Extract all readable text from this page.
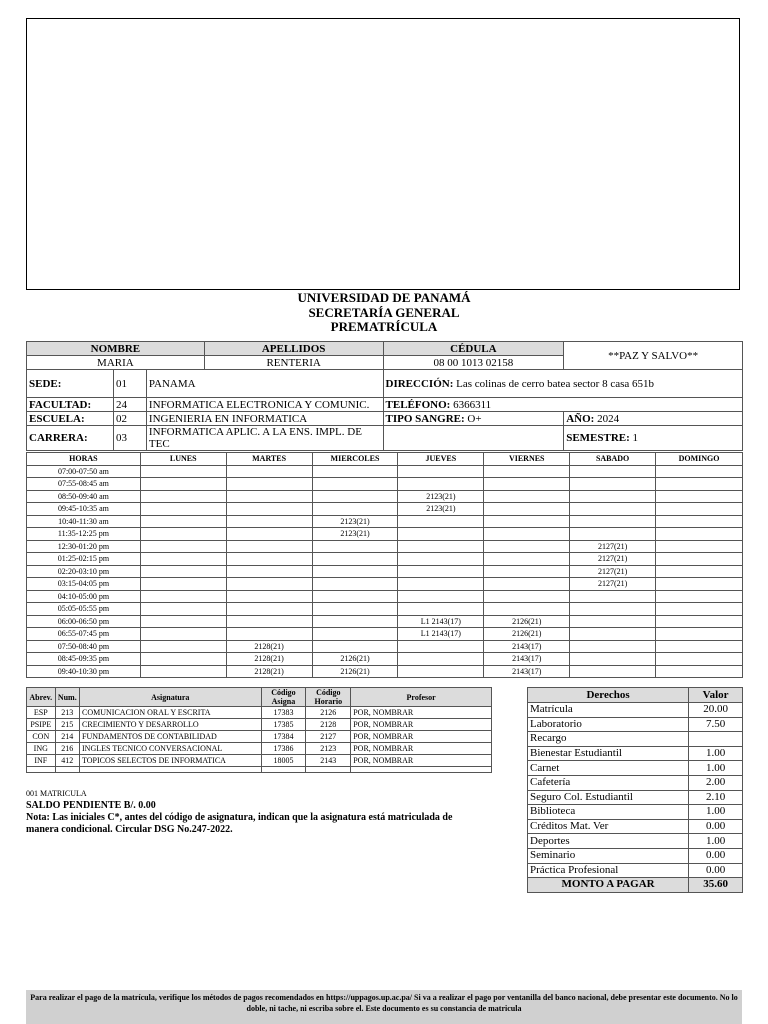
UNIVERSIDAD DE PANAMÁ
SECRETARÍA GENERAL
PREMATRÍCULA
NOMBRE			APELLIDOS	CÉDULA	**PAZ Y SALVO**
MARIA			RENTERIA	08 00 1013 02158	
SEDE:	01	PANAMA		DIRECCIÓN: Las colinas de cerro batea sector 8 casa 651b	
FACULTAD:	24	INFORMATICA ELECTRONICA Y COMUNIC.		TELÉFONO: 6366311	
ESCUELA:	02	INGENIERIA EN INFORMATICA		TIPO SANGRE: O+	AÑO: 2024
CARRERA:	03	INFORMATICA APLIC. A LA ENS. IMPL. DE TEC			SEMESTRE: 1
HORAS	LUNES	MARTES	MIERCOLES	JUEVES	VIERNES	SABADO	DOMINGO
07:00-07:50 am							
07:55-08:45 am							
08:50-09:40 am				2123(21)			
09:45-10:35 am				2123(21)			
10:40-11:30 am			2123(21)				
11:35-12:25 pm			2123(21)				
12:30-01:20 pm						2127(21)	
01:25-02:15 pm						2127(21)	
02:20-03:10 pm						2127(21)	
03:15-04:05 pm						2127(21)	
04:10-05:00 pm							
05:05-05:55 pm							
06:00-06:50 pm				L1 2143(17)	2126(21)		
06:55-07:45 pm				L1 2143(17)	2126(21)		
07:50-08:40 pm		2128(21)			2143(17)		
08:45-09:35 pm		2128(21)	2126(21)		2143(17)		
09:40-10:30 pm		2128(21)	2126(21)		2143(17)		
Abrev.	Num.	Asignatura	Código Asigna	Código Horario	Profesor
ESP	213	COMUNICACION ORAL Y ESCRITA	17383	2126	POR, NOMBRAR
PSIPE	215	CRECIMIENTO Y DESARROLLO	17385	2128	POR, NOMBRAR
CON	214	FUNDAMENTOS DE CONTABILIDAD	17384	2127	POR, NOMBRAR
ING	216	INGLES TECNICO CONVERSACIONAL	17386	2123	POR, NOMBRAR
INF	412	TOPICOS SELECTOS DE INFORMATICA	18005	2143	POR, NOMBRAR

Derechos	Valor
Matrícula	20.00
Laboratorio	7.50
Recargo	
Bienestar Estudiantil	1.00
Carnet	1.00
Cafetería	2.00
Seguro Col. Estudiantil	2.10
Biblioteca	1.00
Créditos Mat. Ver	0.00
Deportes	1.00
Seminario	0.00
Práctica Profesional	0.00
MONTO A PAGAR	35.60
001 MATRICULA
SALDO PENDIENTE B/. 0.00
Nota: Las iniciales C*, antes del código de asignatura, indican que la asignatura está matriculada de manera condicional. Circular DSG No.247-2022.
Para realizar el pago de la matrícula, verifique los métodos de pagos recomendados en https://uppagos.up.ac.pa/ Si va a realizar el pago por ventanilla del banco nacional, debe presentar este documento. No lo doble, ni tache, ni escriba sobre el. Este documento es su constancia de matricula
